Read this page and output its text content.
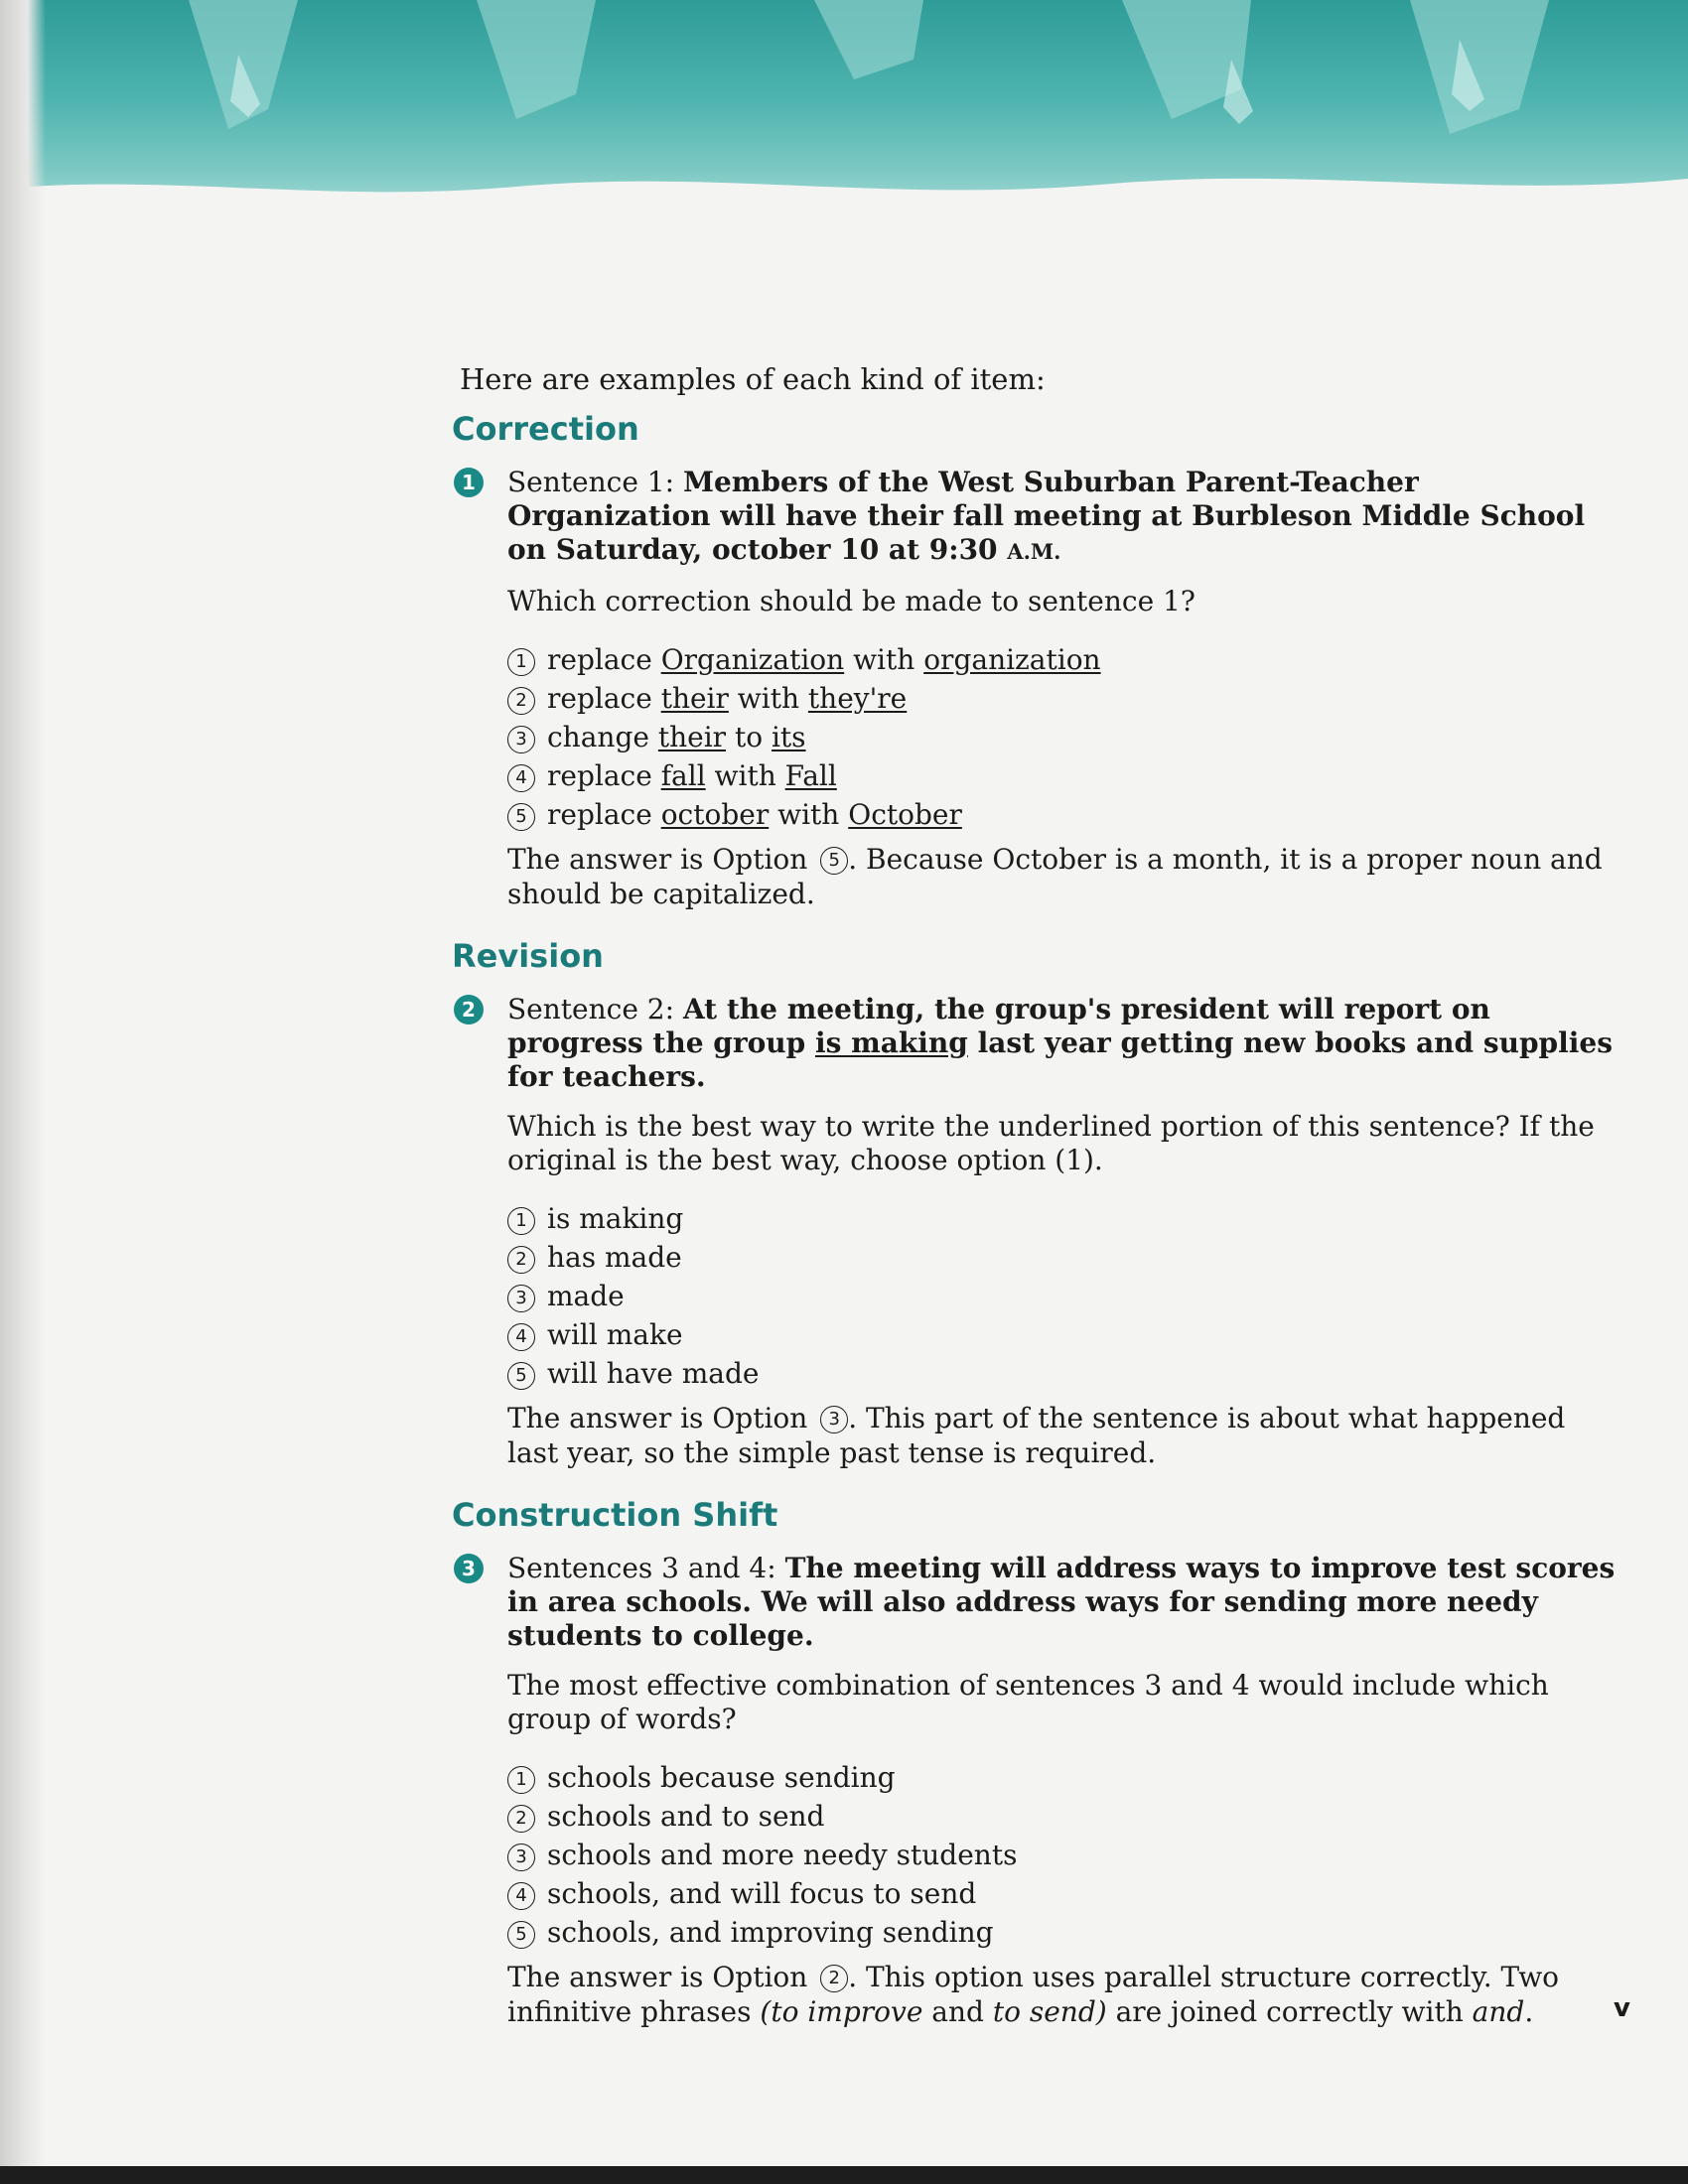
Here are examples of each kind of item:

Correction
1 Sentence 1: Members of the West Suburban Parent-Teacher Organization will have their fall meeting at Burbleson Middle School on Saturday, october 10 at 9:30 A.M.

Which correction should be made to sentence 1?

1 replace Organization with organization
2 replace their with they're
3 change their to its
4 replace fall with Fall
5 replace october with October

The answer is Option 5 . Because October is a month, it is a proper noun and should be capitalized.

Revision
2 Sentence 2: At the meeting, the group's president will report on progress the group is making last year getting new books and supplies for teachers.

Which is the best way to write the underlined portion of this sentence? If the original is the best way, choose option (1).

1 is making
2 has made
3 made
4 will make
5 will have made

The answer is Option 3 . This part of the sentence is about what happened last year, so the simple past tense is required.

Construction Shift
3 Sentences 3 and 4: The meeting will address ways to improve test scores in area schools. We will also address ways for sending more needy students to college.

The most effective combination of sentences 3 and 4 would include which group of words?

1 schools because sending
2 schools and to send
3 schools and more needy students
4 schools, and will focus to send
5 schools, and improving sending

The answer is Option 2 . This option uses parallel structure correctly. Two infinitive phrases (to improve and to send) are joined correctly with and.	v
